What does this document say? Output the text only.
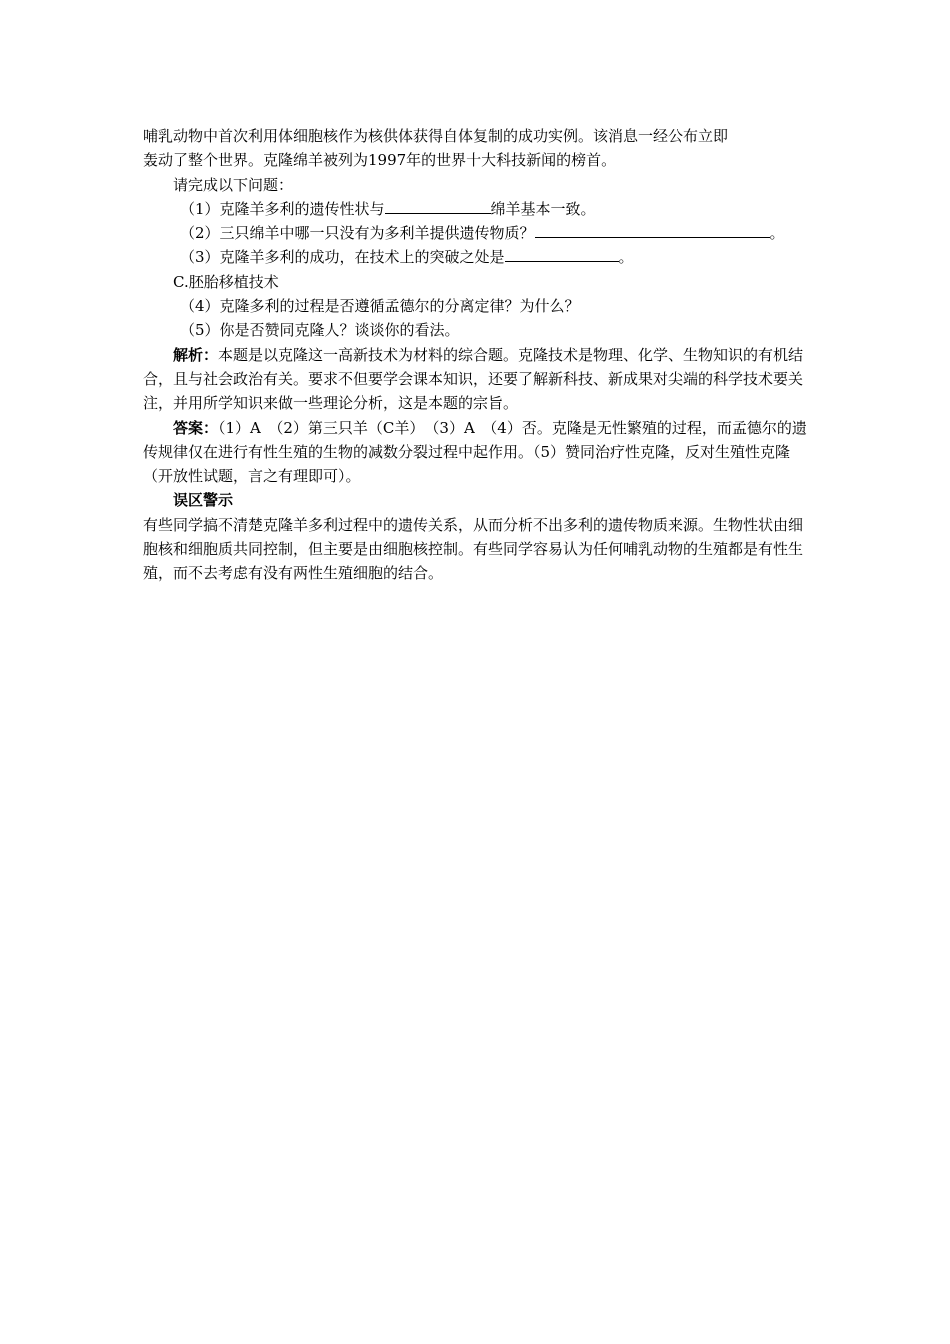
哺乳动物中首次利用体细胞核作为核供体获得自体复制的成功实例。该消息一经公布立即

轰动了整个世界。克隆绵羊被列为1997年的世界十大科技新闻的榜首。

请完成以下问题：

（1）克隆羊多利的遗传性状与	绵羊基本一致。

（2）三只绵羊中哪一只没有为多利羊提供遗传物质？	。

（3）克隆羊多利的成功，在技术上的突破之处是	。

C.胚胎移植技术

（4）克隆多利的过程是否遵循孟德尔的分离定律？为什么？

（5）你是否赞同克隆人？谈谈你的看法。

解析：本题是以克隆这一高新技术为材料的综合题。克隆技术是物理、化学、生物知识的有机结合，且与社会政治有关。要求不但要学会课本知识，还要了解新科技、新成果对尖端的科学技术要关注，并用所学知识来做一些理论分析，这是本题的宗旨。

答案：（1）A　（2）第三只羊（C羊）　（3）A　（4）否。克隆是无性繁殖的过程，而孟德尔的遗传规律仅在进行有性生殖的生物的减数分裂过程中起作用。（5）赞同治疗性克隆，反对生殖性克隆（开放性试题，言之有理即可）。

误区警示

有些同学搞不清楚克隆羊多利过程中的遗传关系，从而分析不出多利的遗传物质来源。生物性状由细胞核和细胞质共同控制，但主要是由细胞核控制。有些同学容易认为任何哺乳动物的生殖都是有性生殖，而不去考虑有没有两性生殖细胞的结合。
